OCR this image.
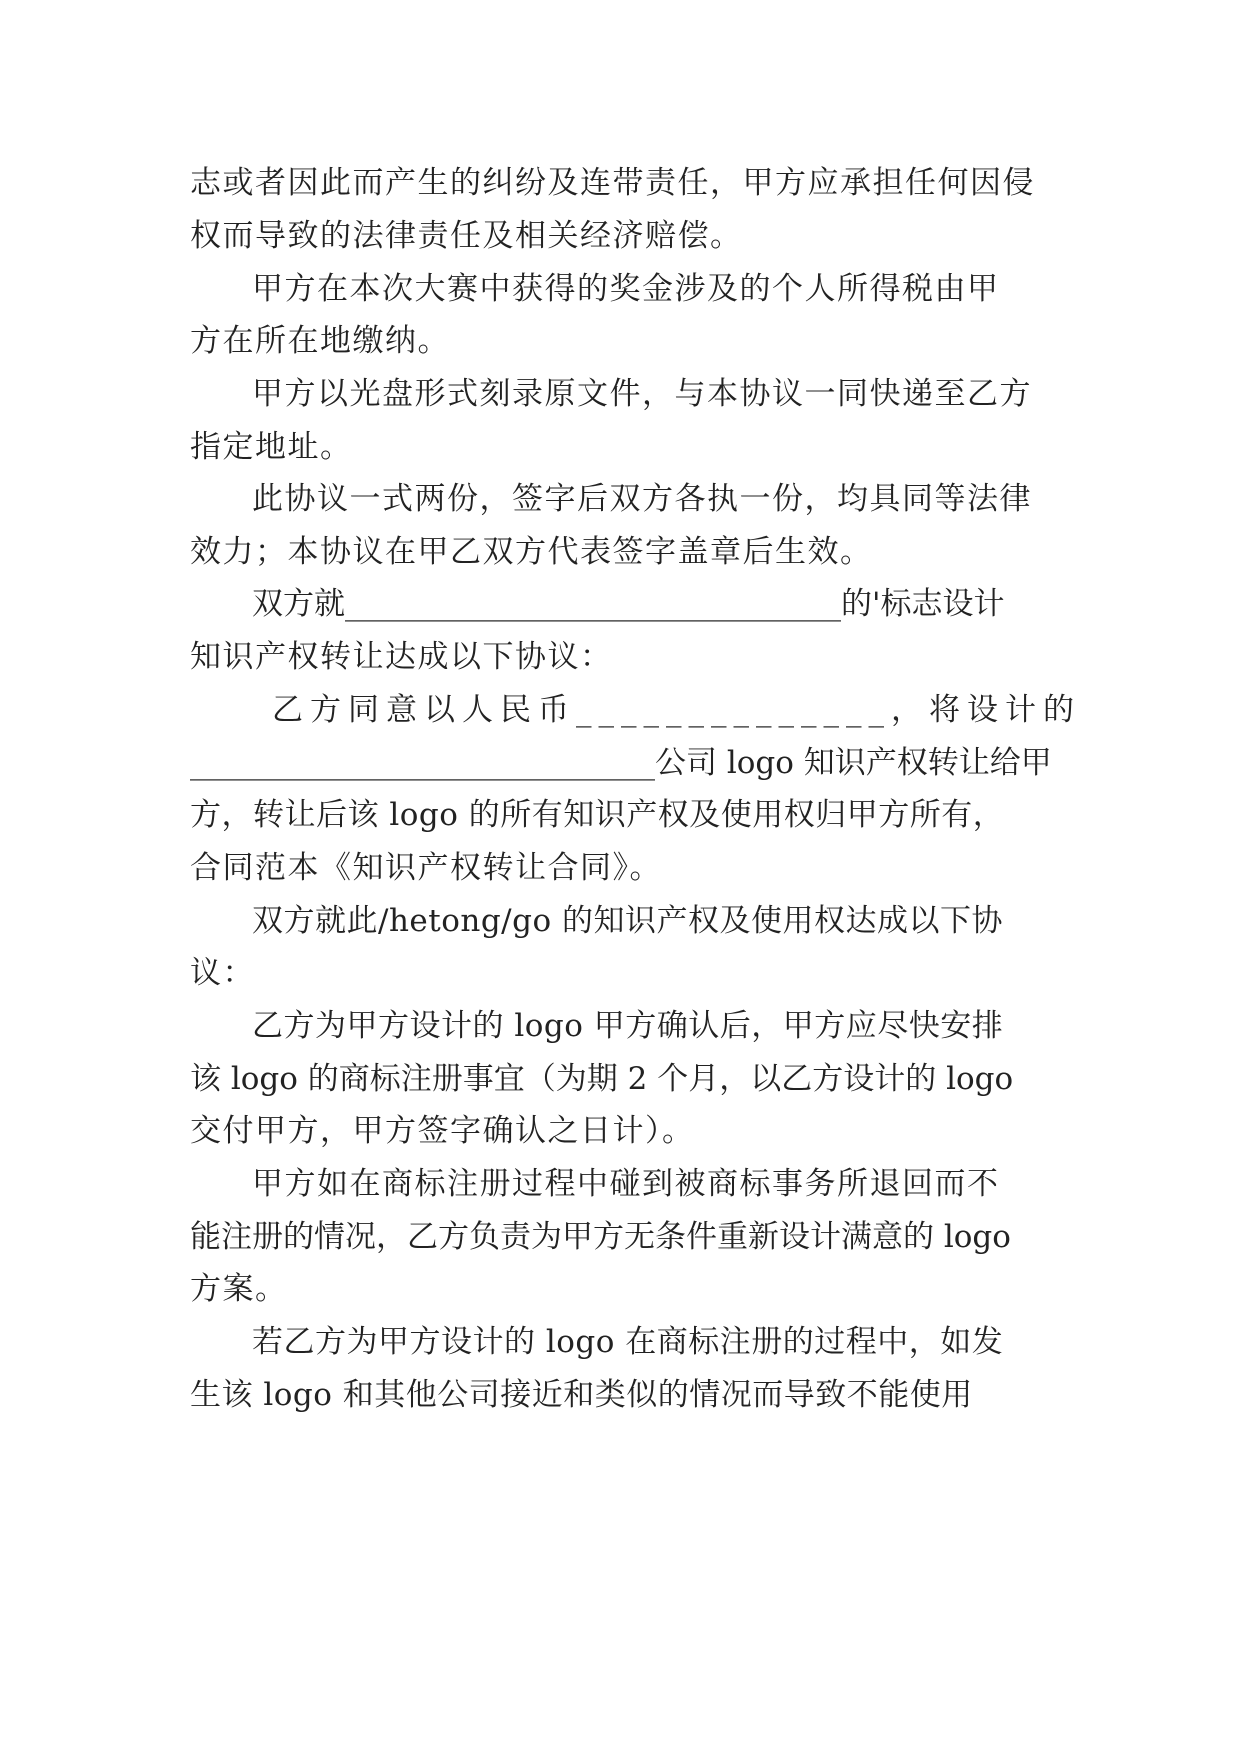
志或者因此而产生的纠纷及连带责任，甲方应承担任何因侵
权而导致的法律责任及相关经济赔偿。
甲方在本次大赛中获得的奖金涉及的个人所得税由甲
方在所在地缴纳。
甲方以光盘形式刻录原文件，与本协议一同快递至乙方
指定地址。
此协议一式两份，签字后双方各执一份，均具同等法律
效力；本协议在甲乙双方代表签字盖章后生效。
双方就________________________________的'标志设计
知识产权转让达成以下协议：
乙方同意以人民币______________，将设计的
______________________________公司 logo 知识产权转让给甲
方，转让后该 logo 的所有知识产权及使用权归甲方所有，
合同范本《知识产权转让合同》。
双方就此/hetong/go 的知识产权及使用权达成以下协
议：
乙方为甲方设计的 logo 甲方确认后，甲方应尽快安排
该 logo 的商标注册事宜（为期 2 个月，以乙方设计的 logo
交付甲方，甲方签字确认之日计）。
甲方如在商标注册过程中碰到被商标事务所退回而不
能注册的情况，乙方负责为甲方无条件重新设计满意的 logo
方案。
若乙方为甲方设计的 logo 在商标注册的过程中，如发
生该 logo 和其他公司接近和类似的情况而导致不能使用
